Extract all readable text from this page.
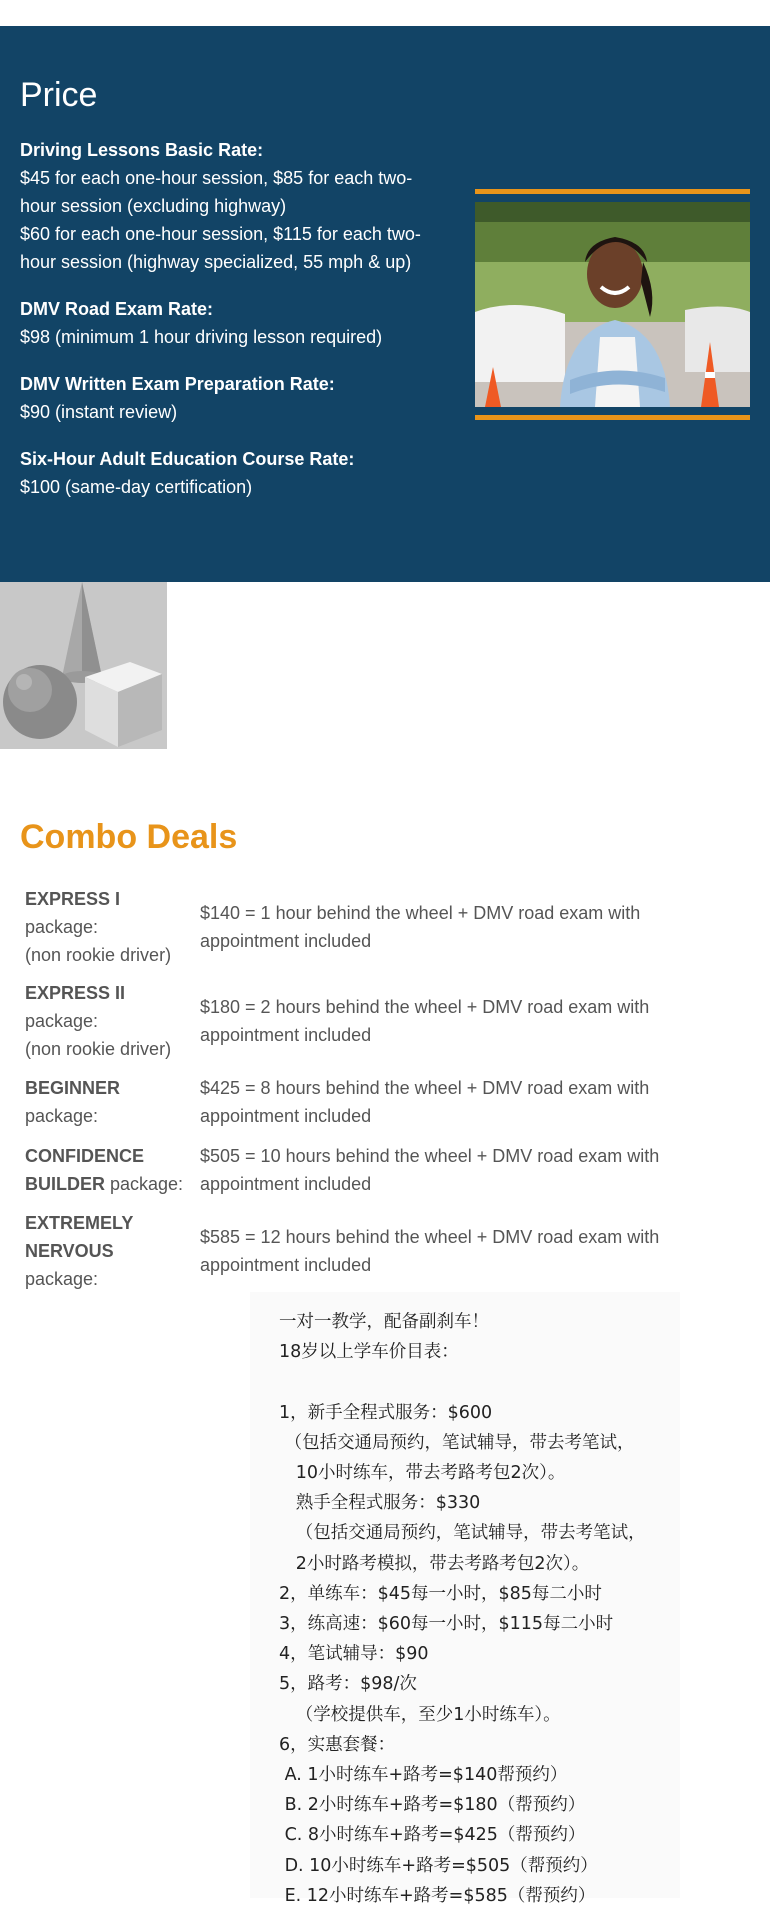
Price
Driving Lessons Basic Rate:
$45 for each one-hour session, $85 for each two-hour session (excluding highway)
$60 for each one-hour session, $115 for each two-hour session (highway specialized, 55 mph & up)
DMV Road Exam Rate:
$98 (minimum 1 hour driving lesson required)
DMV Written Exam Preparation Rate:
$90 (instant review)
Six-Hour Adult Education Course Rate:
$100 (same-day certification)
Combo Deals
EXPRESS I package:
(non rookie driver)	$140 = 1 hour behind the wheel + DMV road exam with appointment included
EXPRESS II package:
(non rookie driver)	$180 = 2 hours behind the wheel + DMV road exam with appointment included
BEGINNER package:	$425 = 8 hours behind the wheel + DMV road exam with appointment included
CONFIDENCE BUILDER package:	$505 = 10 hours behind the wheel + DMV road exam with appointment included
EXTREMELY NERVOUS
package:	$585 = 12 hours behind the wheel + DMV road exam with appointment included
一对一教学，配备副刹车！
18岁以上学车价目表：

1，新手全程式服务：$600
（包括交通局预约，笔试辅导，带去考笔试，
10小时练车，带去考路考包2次）。
熟手全程式服务：$330
（包括交通局预约，笔试辅导，带去考笔试，
2小时路考模拟，带去考路考包2次）。
2，单练车：$45每一小时，$85每二小时
3，练高速：$60每一小时，$115每二小时
4，笔试辅导：$90
5，路考：$98/次
（学校提供车，至少1小时练车）。
6，实惠套餐：
A. 1小时练车+路考=$140帮预约）
B. 2小时练车+路考=$180（帮预约）
C. 8小时练车+路考=$425（帮预约）
D. 10小时练车+路考=$505（帮预约）
E. 12小时练车+路考=$585（帮预约）
